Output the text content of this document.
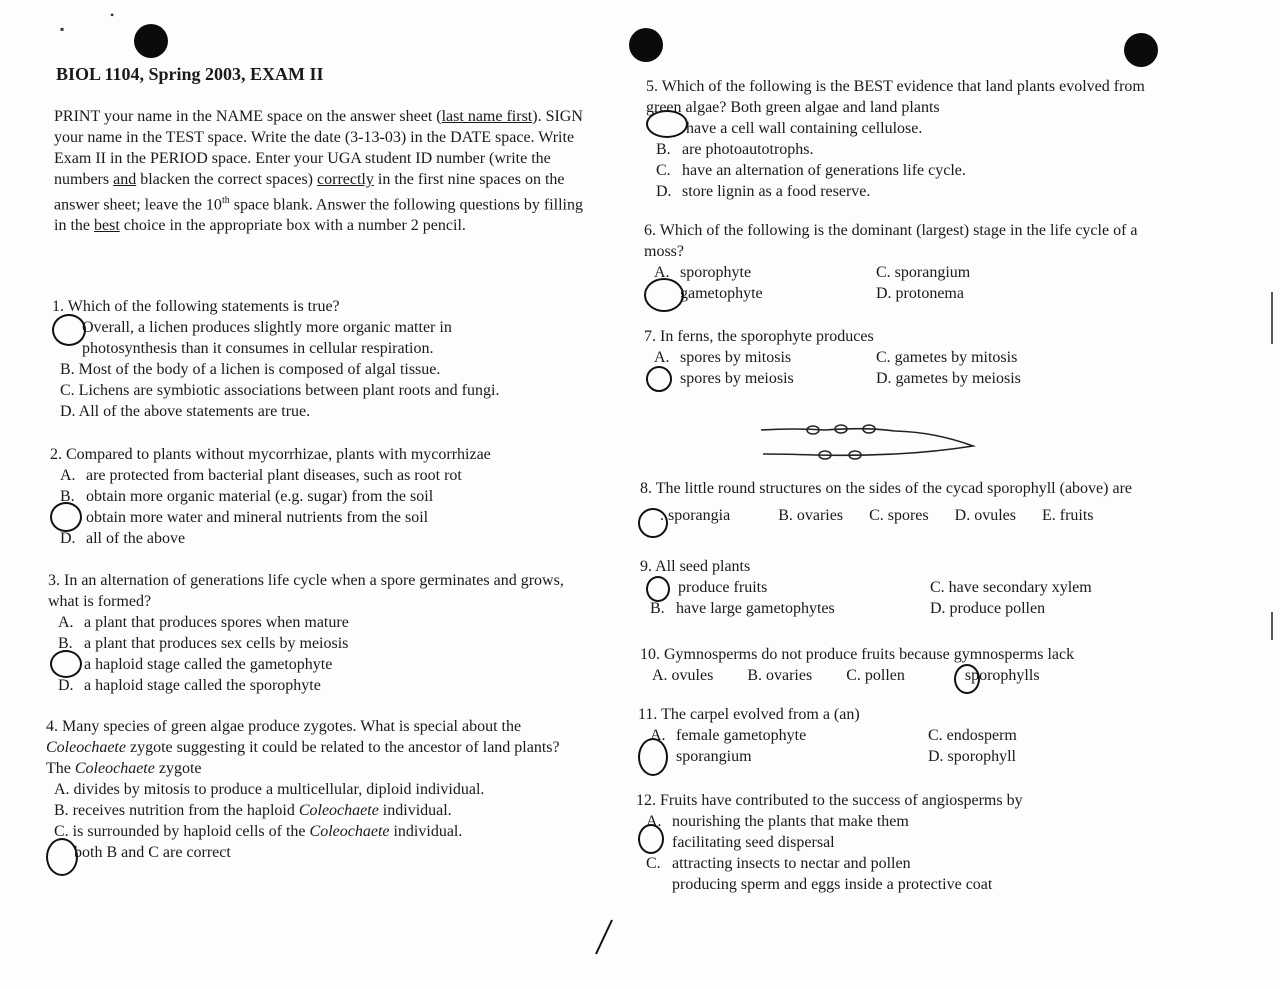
▪
•
BIOL 1104, Spring 2003, EXAM II
PRINT your name in the NAME space on the answer sheet (last name first). SIGN your name in the TEST space. Write the date (3-13-03) in the DATE space. Write Exam II in the PERIOD space. Enter your UGA student ID number (write the numbers and blacken the correct spaces) correctly in the first nine spaces on the answer sheet; leave the 10th space blank. Answer the following questions by filling in the best choice in the appropriate box with a number 2 pencil.
1. Which of the following statements is true?
Overall, a lichen produces slightly more organic matter in
photosynthesis than it consumes in cellular respiration.
B. Most of the body of a lichen is composed of algal tissue.
C. Lichens are symbiotic associations between plant roots and fungi.
D. All of the above statements are true.
2. Compared to plants without mycorrhizae, plants with mycorrhizae
A. are protected from bacterial plant diseases, such as root rot
B. obtain more organic material (e.g. sugar) from the soil
obtain more water and mineral nutrients from the soil
D. all of the above
3. In an alternation of generations life cycle when a spore germinates and grows, what is formed?
A. a plant that produces spores when mature
B. a plant that produces sex cells by meiosis
a haploid stage called the gametophyte
D. a haploid stage called the sporophyte
4. Many species of green algae produce zygotes. What is special about the Coleochaete zygote suggesting it could be related to the ancestor of land plants? The Coleochaete zygote
A. divides by mitosis to produce a multicellular, diploid individual.
B. receives nutrition from the haploid Coleochaete individual.
C. is surrounded by haploid cells of the Coleochaete individual.
both B and C are correct
5. Which of the following is the BEST evidence that land plants evolved from green algae? Both green algae and land plants
have a cell wall containing cellulose.
B. are photoautotrophs.
C. have an alternation of generations life cycle.
D. store lignin as a food reserve.
6. Which of the following is the dominant (largest) stage in the life cycle of a moss?
A. sporophyte	C. sporangium
gametophyte	D. protonema
7. In ferns, the sporophyte produces
A. spores by mitosis	C. gametes by mitosis
spores by meiosis	D. gametes by meiosis
8. The little round structures on the sides of the cycad sporophyll (above) are
. sporangia	B. ovaries C. spores D. ovules E. fruits
9. All seed plants
produce fruits	C. have secondary xylem
B. have large gametophytes	D. produce pollen
10. Gymnosperms do not produce fruits because gymnosperms lack
A. ovules B. ovaries C. pollen	sporophylls
11. The carpel evolved from a (an)
A. female gametophyte	C. endosperm
sporangium	D. sporophyll
12. Fruits have contributed to the success of angiosperms by
A. nourishing the plants that make them
facilitating seed dispersal
C. attracting insects to nectar and pollen
producing sperm and eggs inside a protective coat
